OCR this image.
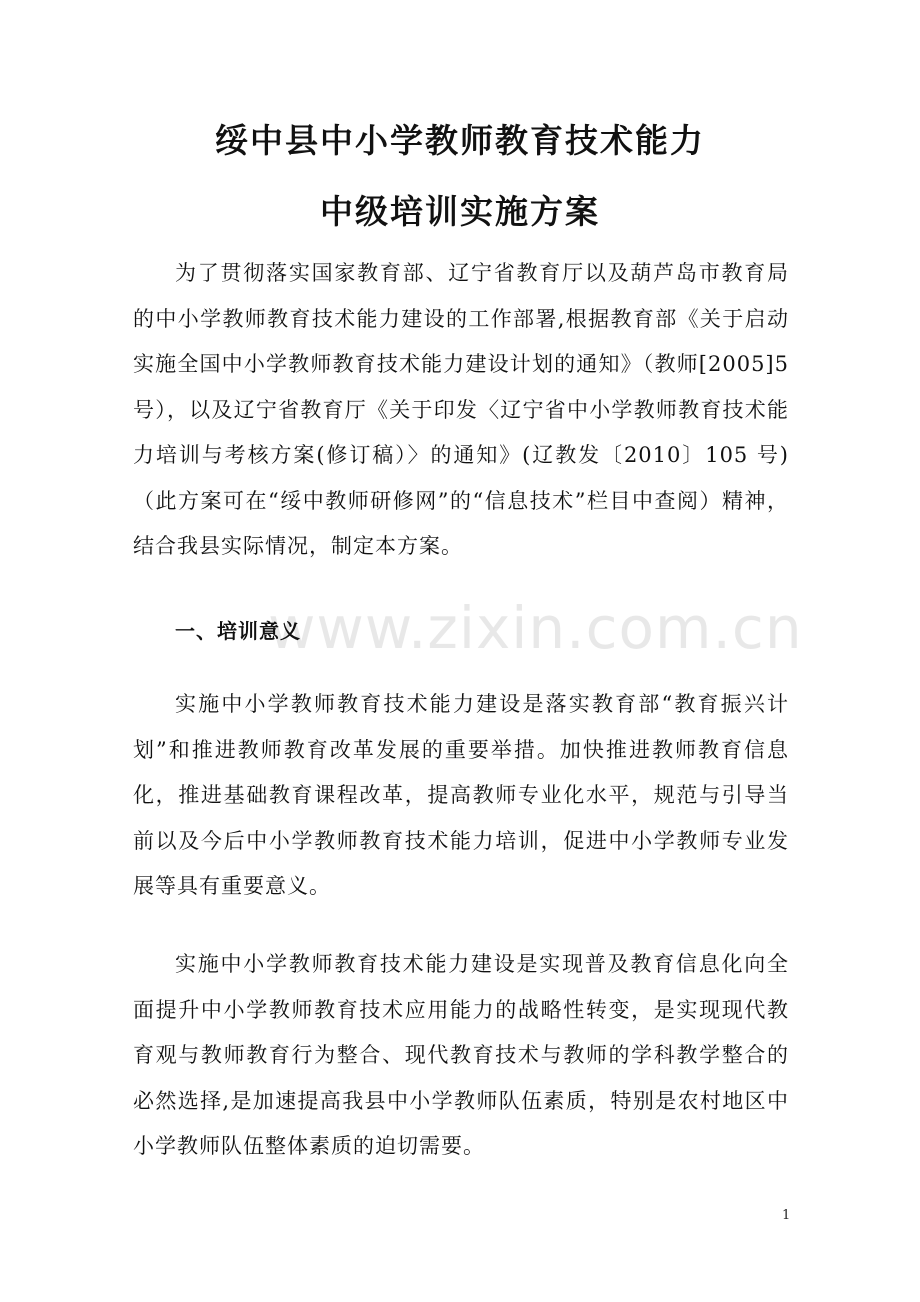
绥中县中小学教师教育技术能力
中级培训实施方案

为了贯彻落实国家教育部、辽宁省教育厅以及葫芦岛市教育局的中小学教师教育技术能力建设的工作部署,根据教育部《关于启动实施全国中小学教师教育技术能力建设计划的通知》（教师[2005]5号），以及辽宁省教育厅《关于印发〈辽宁省中小学教师教育技术能力培训与考核方案(修订稿）〉的通知》(辽教发〔2010〕105 号)（此方案可在“绥中教师研修网”的“信息技术”栏目中查阅）精神，结合我县实际情况，制定本方案。

www.zixin.com.cn
一、培训意义

实施中小学教师教育技术能力建设是落实教育部“教育振兴计划”和推进教师教育改革发展的重要举措。加快推进教师教育信息化，推进基础教育课程改革，提高教师专业化水平，规范与引导当前以及今后中小学教师教育技术能力培训，促进中小学教师专业发展等具有重要意义。

实施中小学教师教育技术能力建设是实现普及教育信息化向全面提升中小学教师教育技术应用能力的战略性转变，是实现现代教育观与教师教育行为整合、现代教育技术与教师的学科教学整合的必然选择,是加速提高我县中小学教师队伍素质，特别是农村地区中小学教师队伍整体素质的迫切需要。

1
